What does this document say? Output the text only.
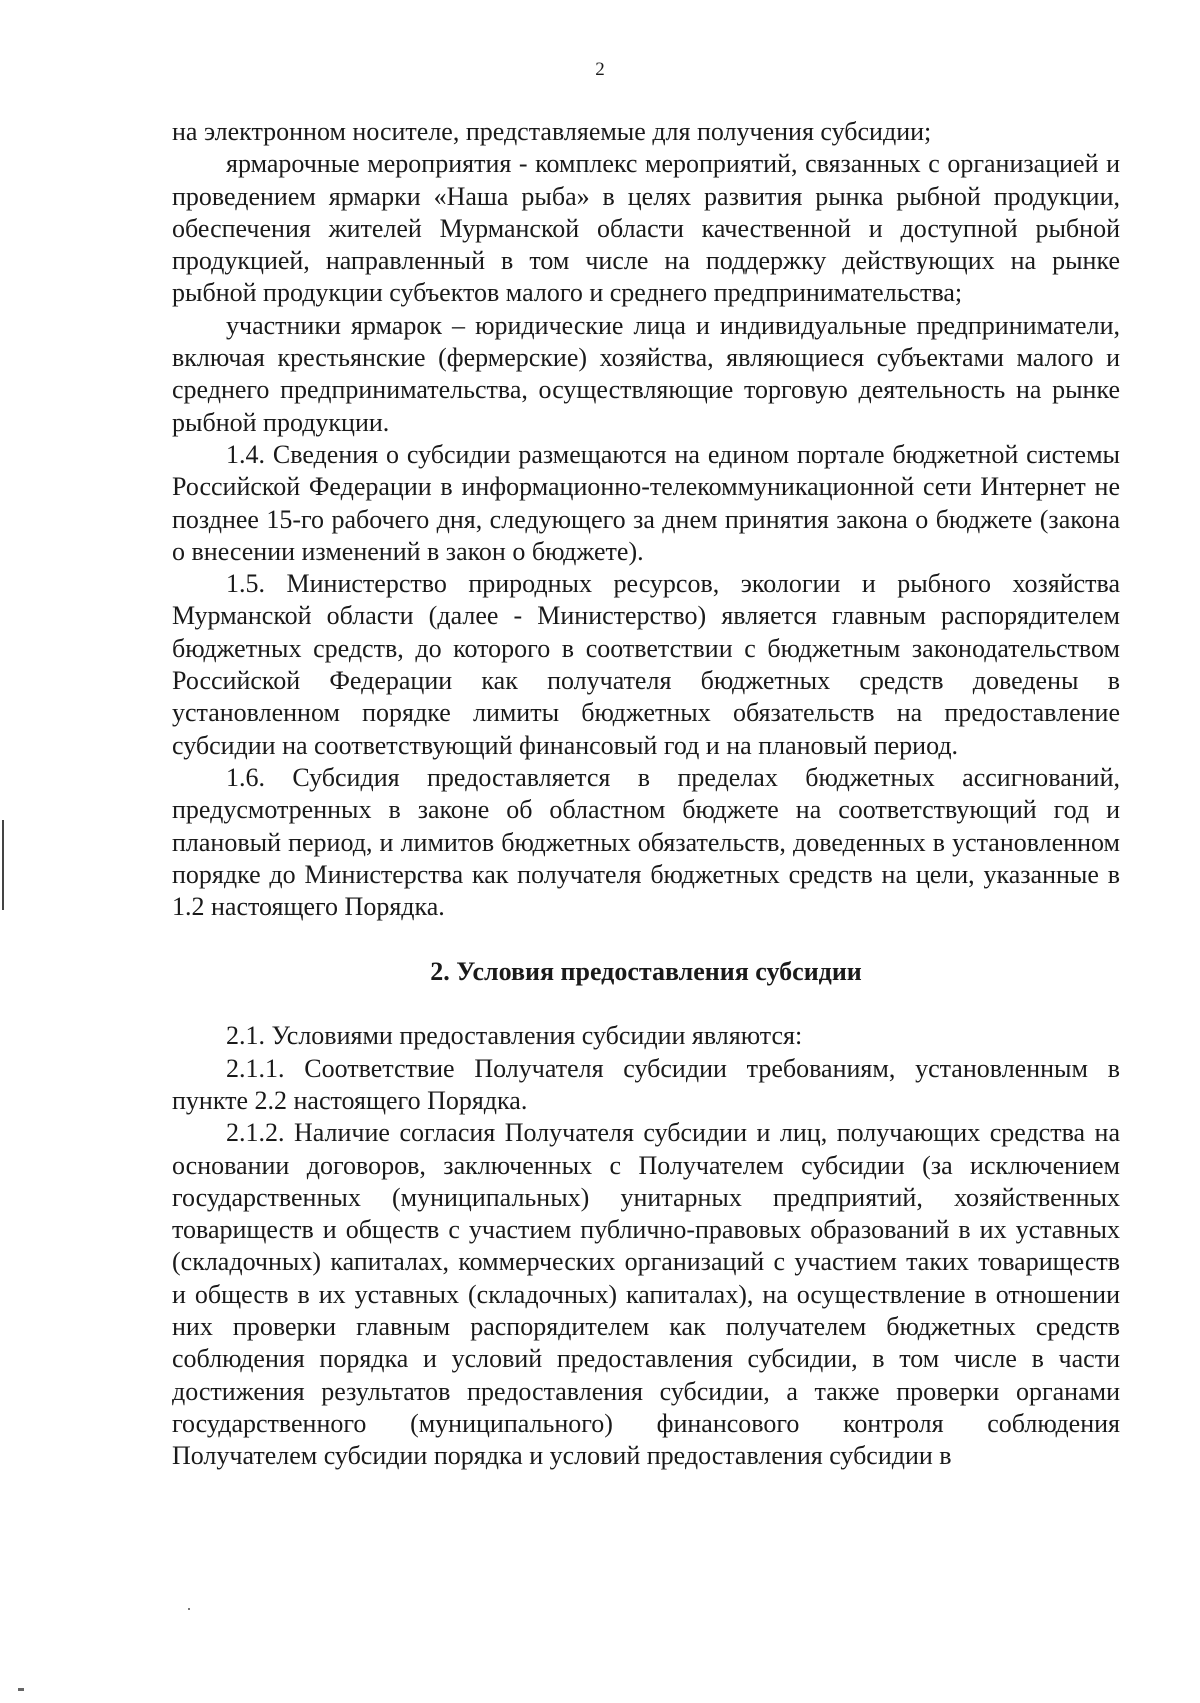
2

на электронном носителе, представляемые для получения субсидии;

ярмарочные мероприятия - комплекс мероприятий, связанных с организацией и проведением ярмарки «Наша рыба» в целях развития рынка рыбной продукции, обеспечения жителей Мурманской области качественной и доступной рыбной продукцией, направленный в том числе на поддержку действующих на рынке рыбной продукции субъектов малого и среднего предпринимательства;

участники ярмарок – юридические лица и индивидуальные предприниматели, включая крестьянские (фермерские) хозяйства, являющиеся субъектами малого и среднего предпринимательства, осуществляющие торговую деятельность на рынке рыбной продукции.

1.4. Сведения о субсидии размещаются на едином портале бюджетной системы Российской Федерации в информационно-телекоммуникационной сети Интернет не позднее 15-го рабочего дня, следующего за днем принятия закона о бюджете (закона о внесении изменений в закон о бюджете).

1.5. Министерство природных ресурсов, экологии и рыбного хозяйства Мурманской области (далее - Министерство) является главным распорядителем бюджетных средств, до которого в соответствии с бюджетным законодательством Российской Федерации как получателя бюджетных средств доведены в установленном порядке лимиты бюджетных обязательств на предоставление субсидии на соответствующий финансовый год и на плановый период.

1.6. Субсидия предоставляется в пределах бюджетных ассигнований, предусмотренных в законе об областном бюджете на соответствующий год и плановый период, и лимитов бюджетных обязательств, доведенных в установленном порядке до Министерства как получателя бюджетных средств на цели, указанные в 1.2 настоящего Порядка.

2. Условия предоставления субсидии

2.1. Условиями предоставления субсидии являются:

2.1.1. Соответствие Получателя субсидии требованиям, установленным в пункте 2.2 настоящего Порядка.

2.1.2. Наличие согласия Получателя субсидии и лиц, получающих средства на основании договоров, заключенных с Получателем субсидии (за исключением государственных (муниципальных) унитарных предприятий, хозяйственных товариществ и обществ с участием публично-правовых образований в их уставных (складочных) капиталах, коммерческих организаций с участием таких товариществ и обществ в их уставных (складочных) капиталах), на осуществление в отношении них проверки главным распорядителем как получателем бюджетных средств соблюдения порядка и условий предоставления субсидии, в том числе в части достижения результатов предоставления субсидии, а также проверки органами государственного (муниципального) финансового контроля соблюдения Получателем субсидии порядка и условий предоставления субсидии в
